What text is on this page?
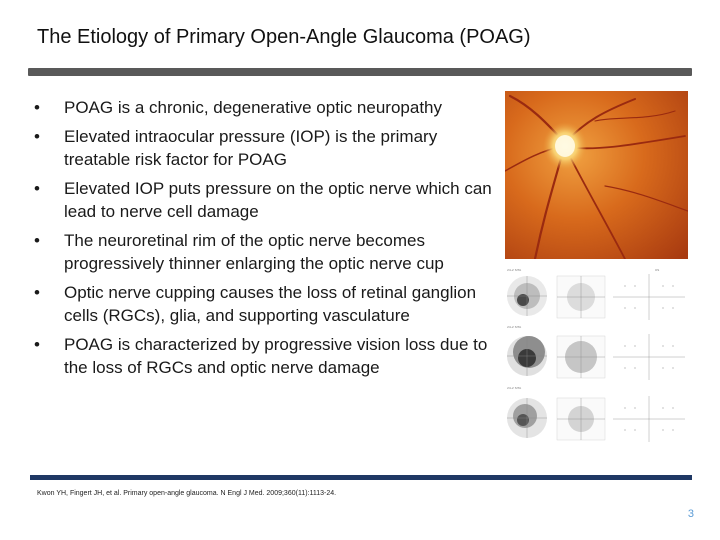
The Etiology of Primary Open-Angle Glaucoma (POAG)
• POAG is a chronic, degenerative optic neuropathy
• Elevated intraocular pressure (IOP) is the primary treatable risk factor for POAG
• Elevated IOP puts pressure on the optic nerve which can lead to nerve cell damage
• The neuroretinal rim of the optic nerve becomes progressively thinner enlarging the optic nerve cup
• Optic nerve cupping causes the loss of retinal ganglion cells (RGCs), glia, and supporting vasculature
• POAG is characterized by progressive vision loss due to the loss of RGCs and optic nerve damage
24-2 SITA
24-2 SITA
24-2 SITA
OS
Kwon YH, Fingert JH, et al. Primary open-angle glaucoma. N Engl J Med. 2009;360(11):1113-24.
3
